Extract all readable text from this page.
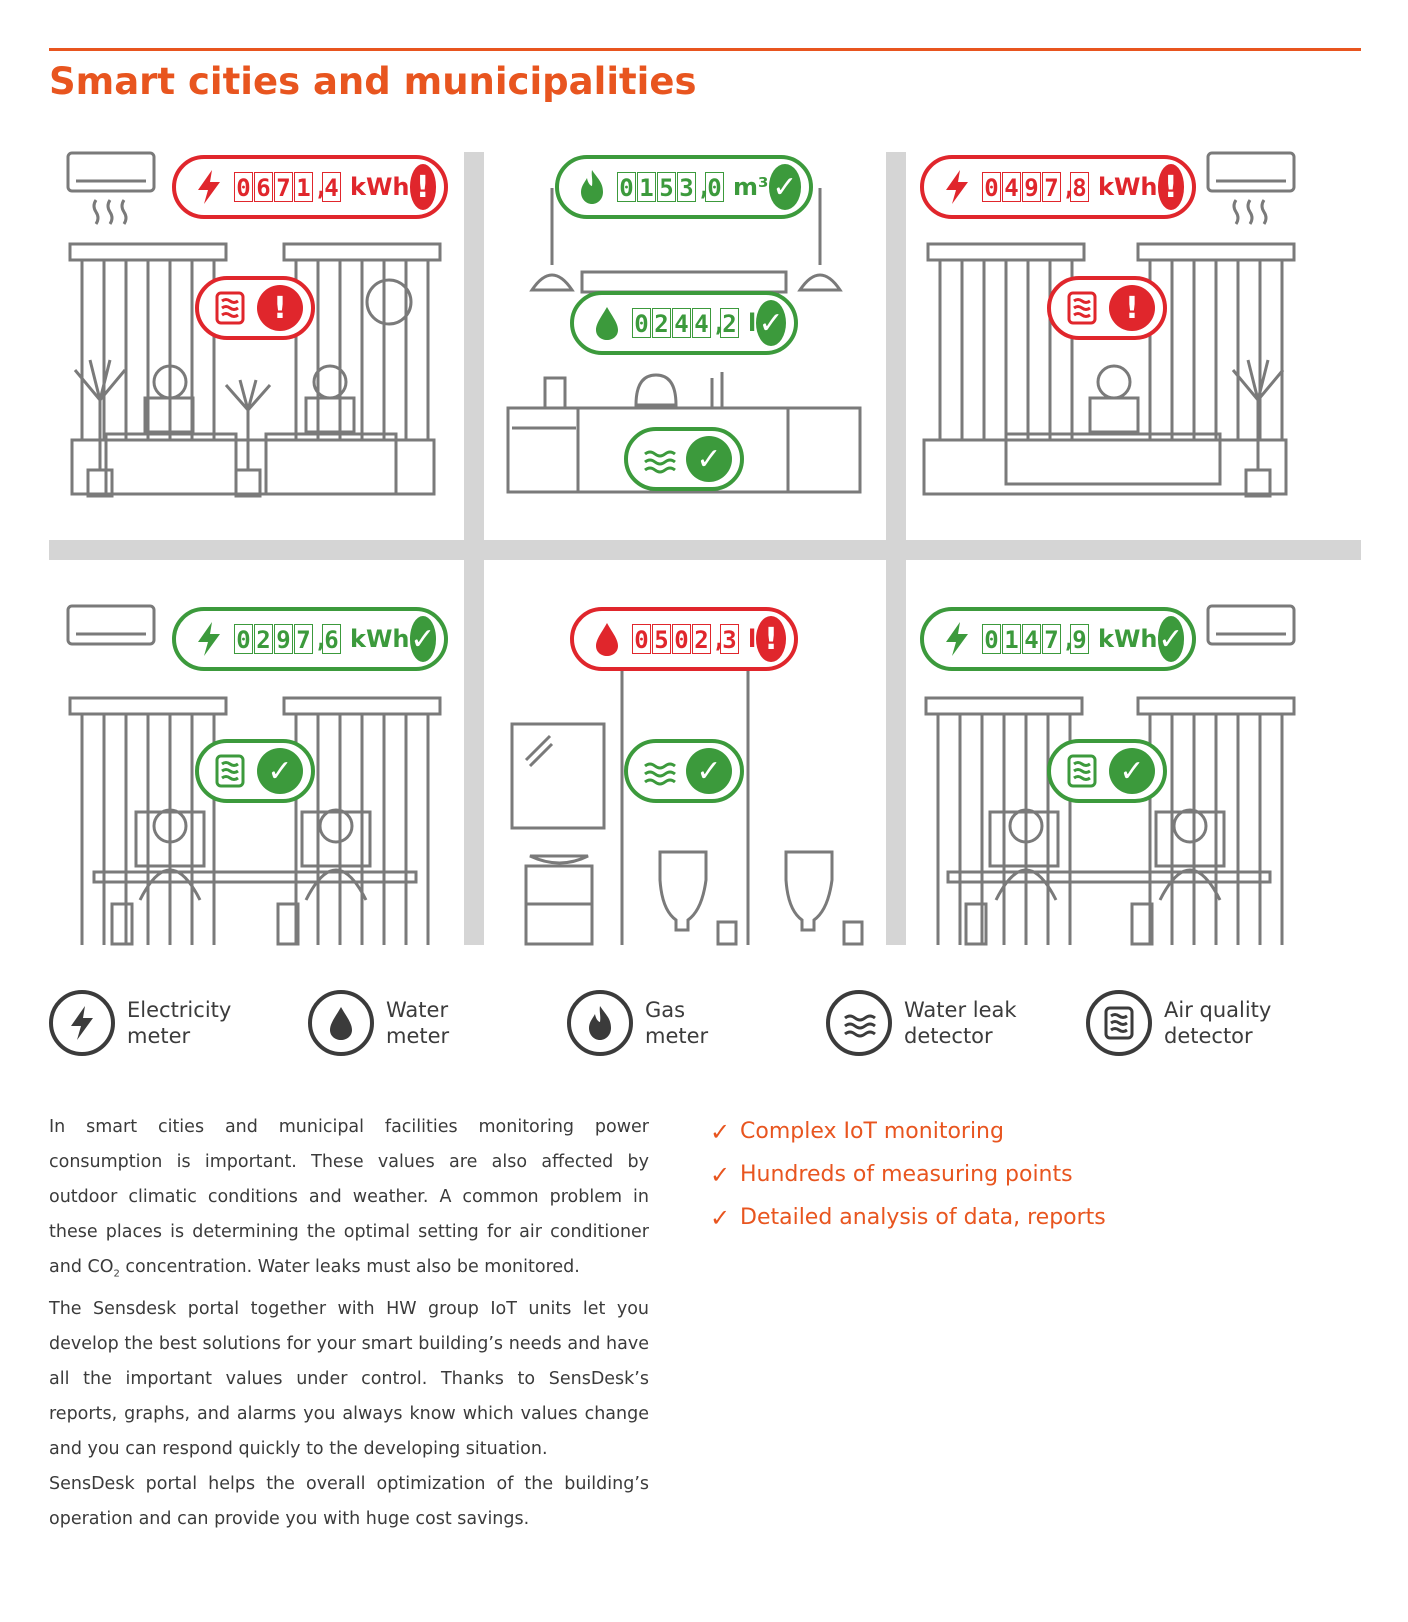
Smart cities and municipalities
0 6 7 1 ,
4 kWh !	0 1 5 3 ,
0 m³ ✓	0 4 9 7 ,
8 kWh !
0 2 4 4 ,
2 l ✓
0 2 9 7 ,
6 kWh ✓	0 5 0 2 ,
3 l !	0 1 4 7 ,
9 kWh ✓
!
✓
!
✓	✓	✓
Electricity
meter
Water
meter
Gas
meter
Water leak
detector
Air quality
detector

In smart cities and municipal facilities monitoring power consumption is important. These values are also affected by outdoor climatic conditions and weather. A common problem in these places is determining the optimal setting for air conditioner and $CO_2$ concentration. Water leaks must also be monitored.

The Sensdesk portal together with HW group IoT units let you develop the best solutions for your smart building’s needs and have all the important values under control. Thanks to SensDesk’s reports, graphs, and alarms you always know which values change and you can respond quickly to the developing situation.

SensDesk portal helps the overall optimization of the building’s operation and can provide you with huge cost savings.

✓ Complex IoT monitoring
✓ Hundreds of measuring points
✓ Detailed analysis of data, reports
